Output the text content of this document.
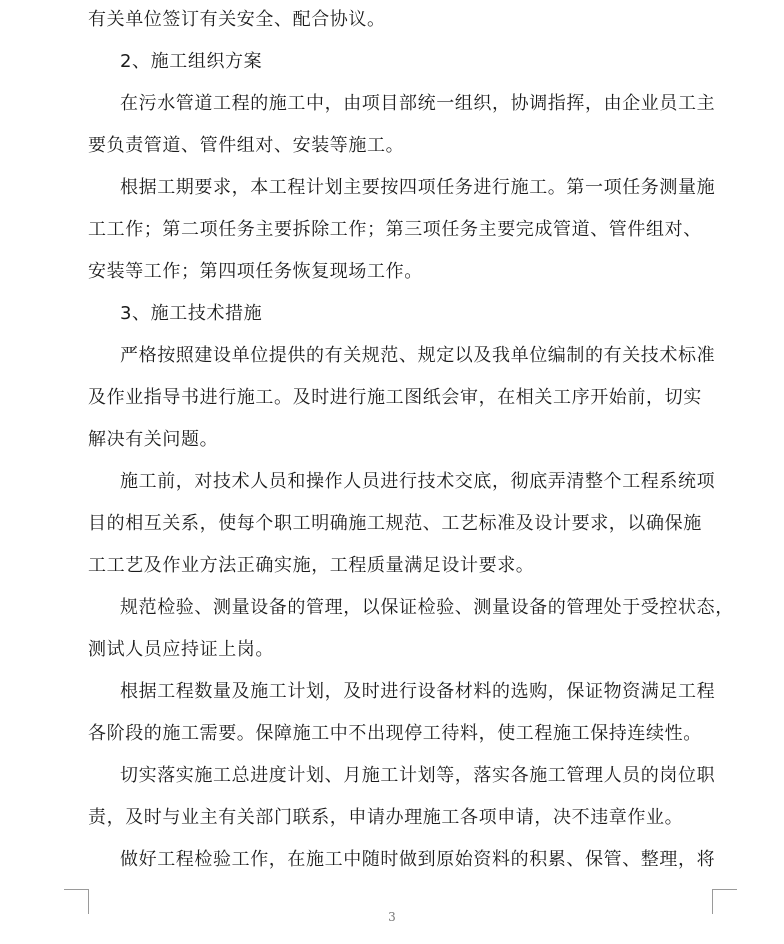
有关单位签订有关安全、配合协议。
2、施工组织方案
在污水管道工程的施工中，由项目部统一组织，协调指挥，由企业员工主
要负责管道、管件组对、安装等施工。
根据工期要求，本工程计划主要按四项任务进行施工。第一项任务测量施
工工作；第二项任务主要拆除工作；第三项任务主要完成管道、管件组对、
安装等工作；第四项任务恢复现场工作。
3、施工技术措施
严格按照建设单位提供的有关规范、规定以及我单位编制的有关技术标准
及作业指导书进行施工。及时进行施工图纸会审，在相关工序开始前，切实
解决有关问题。
施工前，对技术人员和操作人员进行技术交底，彻底弄清整个工程系统项
目的相互关系，使每个职工明确施工规范、工艺标准及设计要求，以确保施
工工艺及作业方法正确实施，工程质量满足设计要求。
规范检验、测量设备的管理，以保证检验、测量设备的管理处于受控状态，
测试人员应持证上岗。
根据工程数量及施工计划，及时进行设备材料的选购，保证物资满足工程
各阶段的施工需要。保障施工中不出现停工待料，使工程施工保持连续性。
切实落实施工总进度计划、月施工计划等，落实各施工管理人员的岗位职
责，及时与业主有关部门联系，申请办理施工各项申请，决不违章作业。
做好工程检验工作，在施工中随时做到原始资料的积累、保管、整理，将
3
